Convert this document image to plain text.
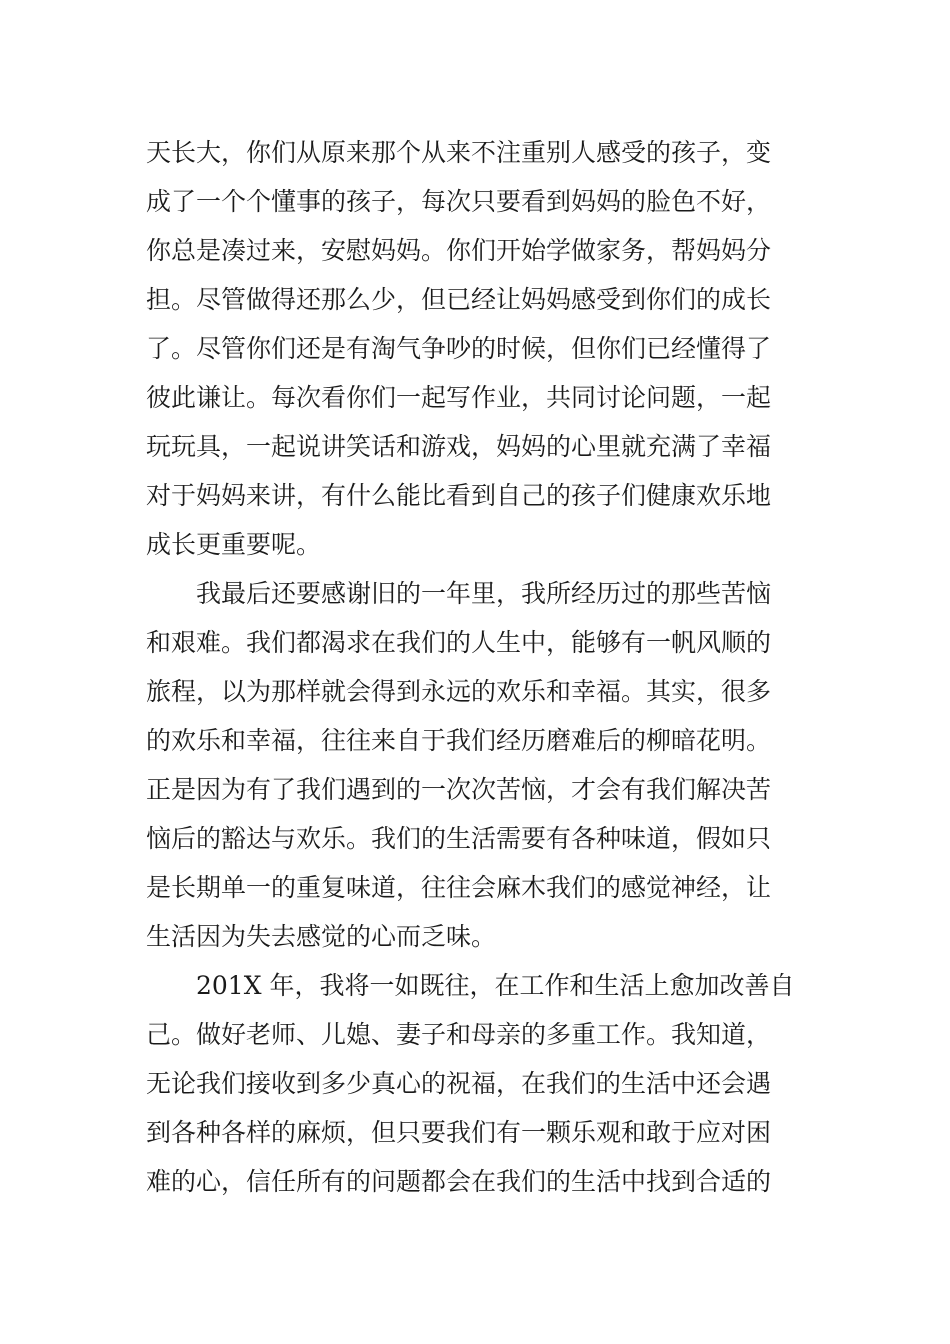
天长大，你们从原来那个从来不注重别人感受的孩子，变
成了一个个懂事的孩子，每次只要看到妈妈的脸色不好，
你总是凑过来，安慰妈妈。你们开始学做家务，帮妈妈分
担。尽管做得还那么少，但已经让妈妈感受到你们的成长
了。尽管你们还是有淘气争吵的时候，但你们已经懂得了
彼此谦让。每次看你们一起写作业，共同讨论问题，一起
玩玩具，一起说讲笑话和游戏，妈妈的心里就充满了幸福
对于妈妈来讲，有什么能比看到自己的孩子们健康欢乐地
成长更重要呢。
我最后还要感谢旧的一年里，我所经历过的那些苦恼
和艰难。我们都渴求在我们的人生中，能够有一帆风顺的
旅程，以为那样就会得到永远的欢乐和幸福。其实，很多
的欢乐和幸福，往往来自于我们经历磨难后的柳暗花明。
正是因为有了我们遇到的一次次苦恼，才会有我们解决苦
恼后的豁达与欢乐。我们的生活需要有各种味道，假如只
是长期单一的重复味道，往往会麻木我们的感觉神经，让
生活因为失去感觉的心而乏味。
201X 年，我将一如既往，在工作和生活上愈加改善自
己。做好老师、儿媳、妻子和母亲的多重工作。我知道，
无论我们接收到多少真心的祝福，在我们的生活中还会遇
到各种各样的麻烦，但只要我们有一颗乐观和敢于应对困
难的心，信任所有的问题都会在我们的生活中找到合适的
